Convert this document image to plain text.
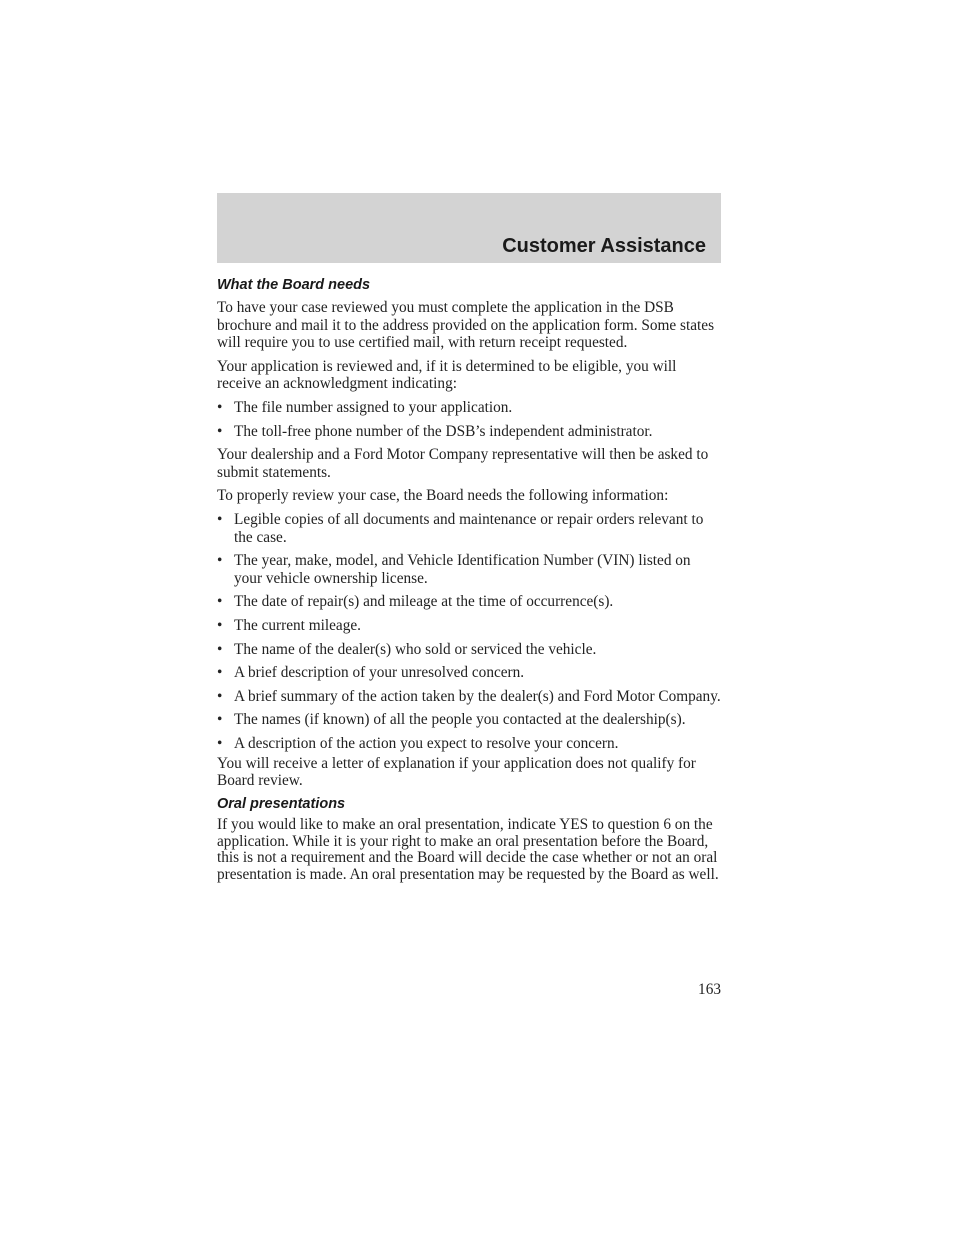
Customer Assistance
What the Board needs

To have your case reviewed you must complete the application in the DSB brochure and mail it to the address provided on the application form. Some states will require you to use certified mail, with return receipt requested.

Your application is reviewed and, if it is determined to be eligible, you will receive an acknowledgment indicating:

• The file number assigned to your application.
• The toll-free phone number of the DSB’s independent administrator.

Your dealership and a Ford Motor Company representative will then be asked to submit statements.

To properly review your case, the Board needs the following information:

• Legible copies of all documents and maintenance or repair orders relevant to the case.
• The year, make, model, and Vehicle Identification Number (VIN) listed on your vehicle ownership license.
• The date of repair(s) and mileage at the time of occurrence(s).
• The current mileage.
• The name of the dealer(s) who sold or serviced the vehicle.
• A brief description of your unresolved concern.
• A brief summary of the action taken by the dealer(s) and Ford Motor Company.
• The names (if known) of all the people you contacted at the dealership(s).
• A description of the action you expect to resolve your concern.

You will receive a letter of explanation if your application does not qualify for Board review.

Oral presentations

If you would like to make an oral presentation, indicate YES to question 6 on the application. While it is your right to make an oral presentation before the Board, this is not a requirement and the Board will decide the case whether or not an oral presentation is made. An oral presentation may be requested by the Board as well.

163
